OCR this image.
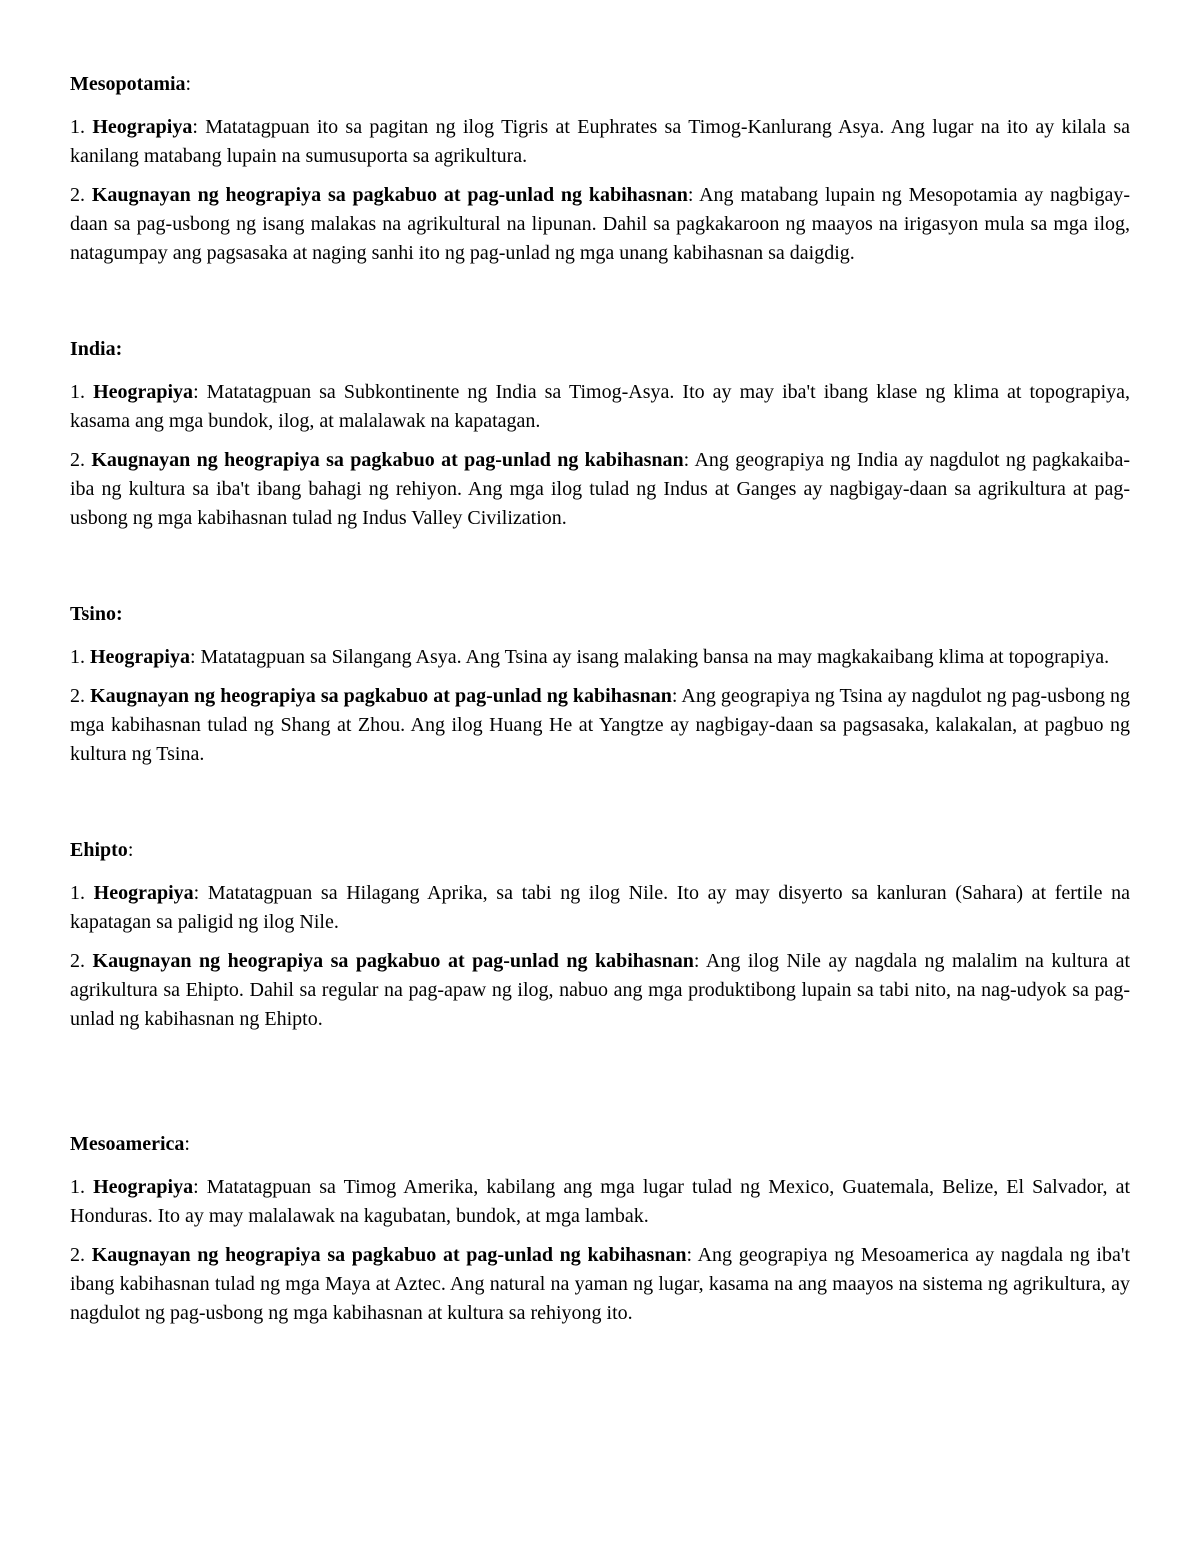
Mesopotamia:

1. Heograpiya: Matatagpuan ito sa pagitan ng ilog Tigris at Euphrates sa Timog-Kanlurang Asya. Ang lugar na ito ay kilala sa kanilang matabang lupain na sumusuporta sa agrikultura.

2. Kaugnayan ng heograpiya sa pagkabuo at pag-unlad ng kabihasnan: Ang matabang lupain ng Mesopotamia ay nagbigay-daan sa pag-usbong ng isang malakas na agrikultural na lipunan. Dahil sa pagkakaroon ng maayos na irigasyon mula sa mga ilog, natagumpay ang pagsasaka at naging sanhi ito ng pag-unlad ng mga unang kabihasnan sa daigdig.

India:

1. Heograpiya: Matatagpuan sa Subkontinente ng India sa Timog-Asya. Ito ay may iba't ibang klase ng klima at topograpiya, kasama ang mga bundok, ilog, at malalawak na kapatagan.

2. Kaugnayan ng heograpiya sa pagkabuo at pag-unlad ng kabihasnan: Ang geograpiya ng India ay nagdulot ng pagkakaiba-iba ng kultura sa iba't ibang bahagi ng rehiyon. Ang mga ilog tulad ng Indus at Ganges ay nagbigay-daan sa agrikultura at pag-usbong ng mga kabihasnan tulad ng Indus Valley Civilization.

Tsino:

1. Heograpiya: Matatagpuan sa Silangang Asya. Ang Tsina ay isang malaking bansa na may magkakaibang klima at topograpiya.

2. Kaugnayan ng heograpiya sa pagkabuo at pag-unlad ng kabihasnan: Ang geograpiya ng Tsina ay nagdulot ng pag-usbong ng mga kabihasnan tulad ng Shang at Zhou. Ang ilog Huang He at Yangtze ay nagbigay-daan sa pagsasaka, kalakalan, at pagbuo ng kultura ng Tsina.

Ehipto:

1. Heograpiya: Matatagpuan sa Hilagang Aprika, sa tabi ng ilog Nile. Ito ay may disyerto sa kanluran (Sahara) at fertile na kapatagan sa paligid ng ilog Nile.

2. Kaugnayan ng heograpiya sa pagkabuo at pag-unlad ng kabihasnan: Ang ilog Nile ay nagdala ng malalim na kultura at agrikultura sa Ehipto. Dahil sa regular na pag-apaw ng ilog, nabuo ang mga produktibong lupain sa tabi nito, na nag-udyok sa pag-unlad ng kabihasnan ng Ehipto.

Mesoamerica:

1. Heograpiya: Matatagpuan sa Timog Amerika, kabilang ang mga lugar tulad ng Mexico, Guatemala, Belize, El Salvador, at Honduras. Ito ay may malalawak na kagubatan, bundok, at mga lambak.

2. Kaugnayan ng heograpiya sa pagkabuo at pag-unlad ng kabihasnan: Ang geograpiya ng Mesoamerica ay nagdala ng iba't ibang kabihasnan tulad ng mga Maya at Aztec. Ang natural na yaman ng lugar, kasama na ang maayos na sistema ng agrikultura, ay nagdulot ng pag-usbong ng mga kabihasnan at kultura sa rehiyong ito.
